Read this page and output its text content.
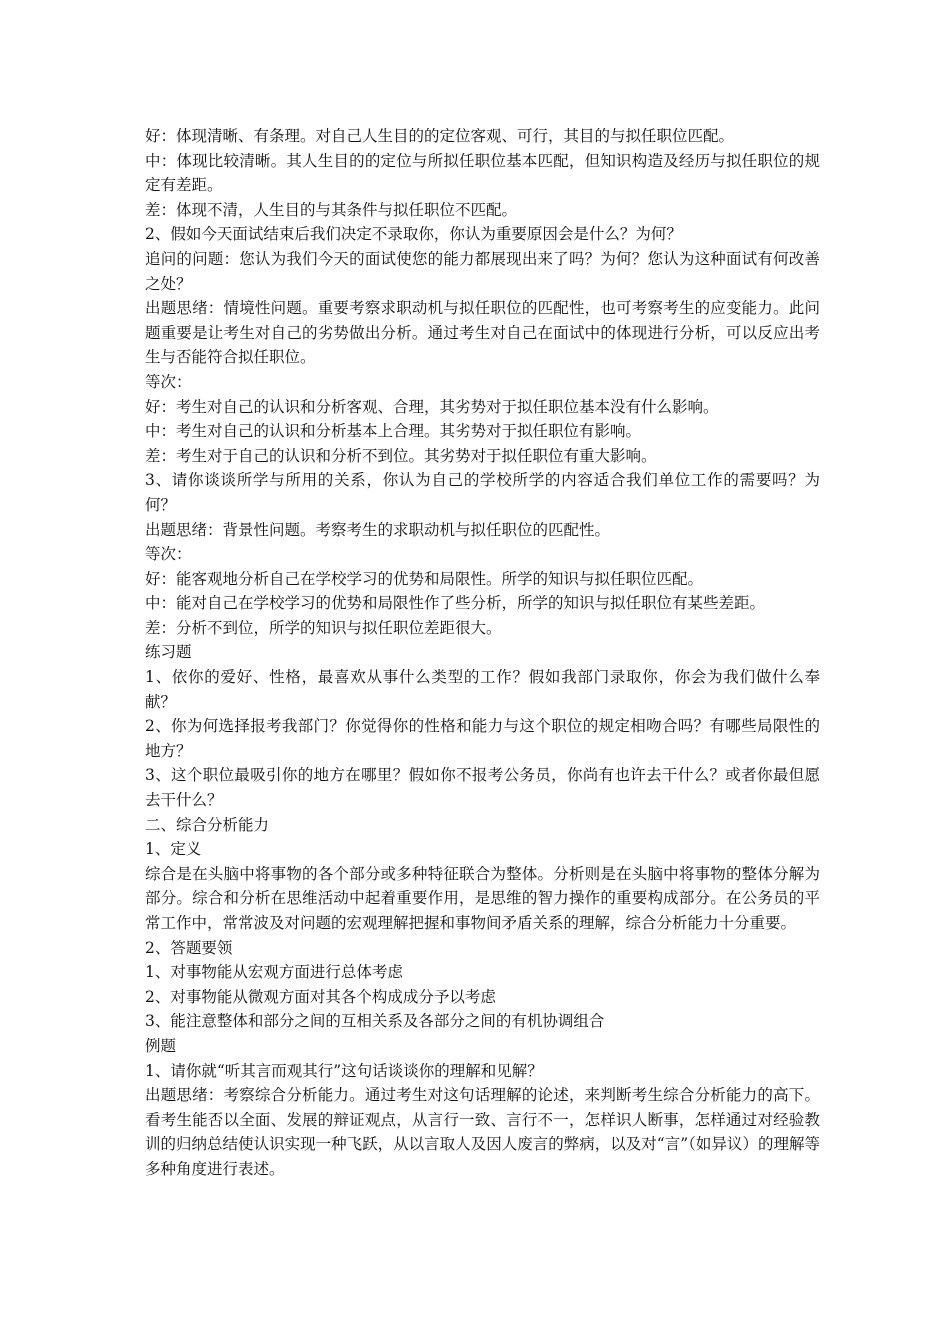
好：体现清晰、有条理。对自己人生目的的定位客观、可行，其目的与拟任职位匹配。

中：体现比较清晰。其人生目的的定位与所拟任职位基本匹配，但知识构造及经历与拟任职位的规定有差距。

差：体现不清，人生目的与其条件与拟任职位不匹配。

2、假如今天面试结束后我们决定不录取你，你认为重要原因会是什么？为何？

追问的问题：您认为我们今天的面试使您的能力都展现出来了吗？为何？您认为这种面试有何改善之处？

出题思绪：情境性问题。重要考察求职动机与拟任职位的匹配性，也可考察考生的应变能力。此问题重要是让考生对自己的劣势做出分析。通过考生对自己在面试中的体现进行分析，可以反应出考生与否能符合拟任职位。

等次：

好：考生对自己的认识和分析客观、合理，其劣势对于拟任职位基本没有什么影响。

中：考生对自己的认识和分析基本上合理。其劣势对于拟任职位有影响。

差：考生对于自己的认识和分析不到位。其劣势对于拟任职位有重大影响。

3、请你谈谈所学与所用的关系，你认为自己的学校所学的内容适合我们单位工作的需要吗？为何？

出题思绪：背景性问题。考察考生的求职动机与拟任职位的匹配性。

等次：

好：能客观地分析自己在学校学习的优势和局限性。所学的知识与拟任职位匹配。

中：能对自己在学校学习的优势和局限性作了些分析，所学的知识与拟任职位有某些差距。

差：分析不到位，所学的知识与拟任职位差距很大。

练习题

1、依你的爱好、性格，最喜欢从事什么类型的工作？假如我部门录取你，你会为我们做什么奉献？

2、你为何选择报考我部门？你觉得你的性格和能力与这个职位的规定相吻合吗？有哪些局限性的地方？

3、这个职位最吸引你的地方在哪里？假如你不报考公务员，你尚有也许去干什么？或者你最但愿去干什么？

二、综合分析能力

1、定义

综合是在头脑中将事物的各个部分或多种特征联合为整体。分析则是在头脑中将事物的整体分解为部分。综合和分析在思维活动中起着重要作用，是思维的智力操作的重要构成部分。在公务员的平常工作中，常常波及对问题的宏观理解把握和事物间矛盾关系的理解，综合分析能力十分重要。

2、答题要领

1、对事物能从宏观方面进行总体考虑

2、对事物能从微观方面对其各个构成成分予以考虑

3、能注意整体和部分之间的互相关系及各部分之间的有机协调组合

例题

1、请你就“听其言而观其行”这句话谈谈你的理解和见解？

出题思绪：考察综合分析能力。通过考生对这句话理解的论述，来判断考生综合分析能力的高下。看考生能否以全面、发展的辩证观点，从言行一致、言行不一，怎样识人断事，怎样通过对经验教训的归纳总结使认识实现一种飞跃，从以言取人及因人废言的弊病，以及对“言”（如异议）的理解等多种角度进行表述。
